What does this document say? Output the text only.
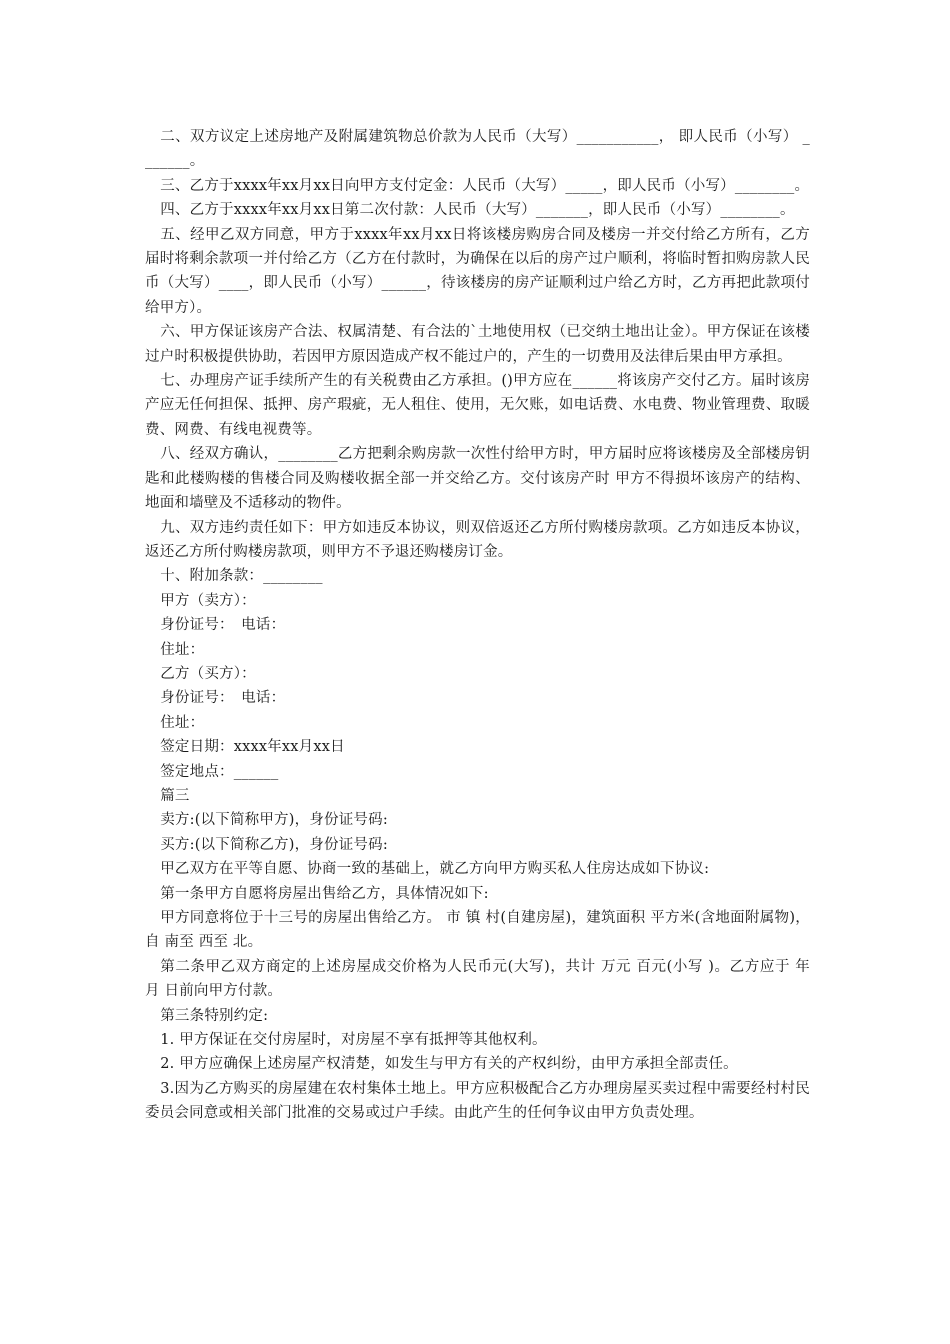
二、双方议定上述房地产及附属建筑物总价款为人民币（大写）___________， 即人民币（小写） _______。

三、乙方于xxxx年xx月xx日向甲方支付定金：人民币（大写）_____，即人民币（小写）________。

四、乙方于xxxx年xx月xx日第二次付款：人民币（大写）_______，即人民币（小写）________。

五、经甲乙双方同意，甲方于xxxx年xx月xx日将该楼房购房合同及楼房一并交付给乙方所有，乙方届时将剩余款项一并付给乙方（乙方在付款时，为确保在以后的房产过户顺利，将临时暂扣购房款人民币（大写）____，即人民币（小写）______，待该楼房的房产证顺利过户给乙方时，乙方再把此款项付给甲方）。

六、甲方保证该房产合法、权属清楚、有合法的`土地使用权（已交纳土地出让金）。甲方保证在该楼过户时积极提供协助，若因甲方原因造成产权不能过户的，产生的一切费用及法律后果由甲方承担。

七、办理房产证手续所产生的有关税费由乙方承担。()甲方应在______将该房产交付乙方。届时该房产应无任何担保、抵押、房产瑕疵，无人租住、使用，无欠账，如电话费、水电费、物业管理费、取暖费、网费、有线电视费等。

八、经双方确认，________乙方把剩余购房款一次性付给甲方时，甲方届时应将该楼房及全部楼房钥匙和此楼购楼的售楼合同及购楼收据全部一并交给乙方。交付该房产时 甲方不得损坏该房产的结构、地面和墙壁及不适移动的物件。

九、双方违约责任如下：甲方如违反本协议，则双倍返还乙方所付购楼房款项。乙方如违反本协议，返还乙方所付购楼房款项，则甲方不予退还购楼房订金。

十、附加条款：________

甲方（卖方）：

身份证号：　电话：

住址：

乙方（买方）：

身份证号：　电话：

住址：

签定日期：xxxx年xx月xx日

签定地点：______

篇三

卖方:(以下简称甲方)，身份证号码:

买方:(以下简称乙方)，身份证号码:

甲乙双方在平等自愿、协商一致的基础上，就乙方向甲方购买私人住房达成如下协议:

第一条甲方自愿将房屋出售给乙方，具体情况如下:

甲方同意将位于十三号的房屋出售给乙方。 市 镇 村(自建房屋)，建筑面积 平方米(含地面附属物)，自 南至 西至 北。

第二条甲乙双方商定的上述房屋成交价格为人民币元(大写)，共计 万元 百元(小写 )。乙方应于 年 月 日前向甲方付款。

第三条特别约定:

1. 甲方保证在交付房屋时，对房屋不享有抵押等其他权利。

2. 甲方应确保上述房屋产权清楚，如发生与甲方有关的产权纠纷，由甲方承担全部责任。

3.因为乙方购买的房屋建在农村集体土地上。甲方应积极配合乙方办理房屋买卖过程中需要经村村民委员会同意或相关部门批准的交易或过户手续。由此产生的任何争议由甲方负责处理。
